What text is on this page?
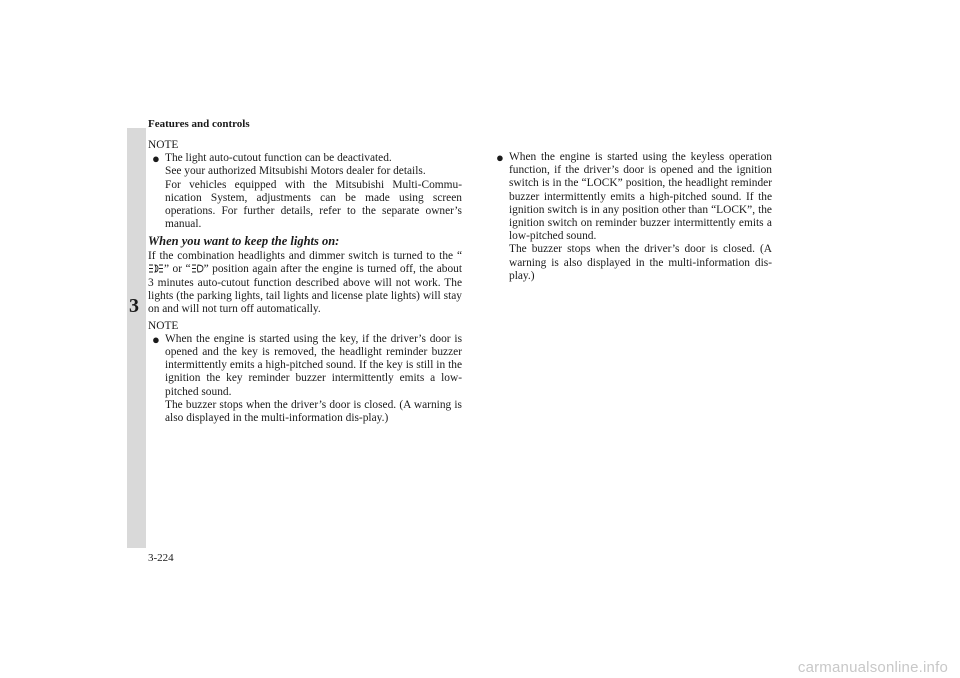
Features and controls
3
NOTE
● The light auto-cutout function can be deactivated.

See your authorized Mitsubishi Motors dealer for details.

For vehicles equipped with the Mitsubishi Multi-Commu-nication System, adjustments can be made using screen operations. For further details, refer to the separate owner’s manual.

When you want to keep the lights on:

If the combination headlights and dimmer switch is turned to the “” or “ ” position again after the engine is turned off, the about 3 minutes auto-cutout function described above will not work. The lights (the parking lights, tail lights and license plate lights) will stay on and will not turn off automatically.

NOTE
● When the engine is started using the key, if the driver’s door is opened and the key is removed, the headlight reminder buzzer intermittently emits a high-pitched sound. If the key is still in the ignition the key reminder buzzer intermittently emits a low-pitched sound.

The buzzer stops when the driver’s door is closed. (A warning is also displayed in the multi-information dis-play.)

● When the engine is started using the keyless operation function, if the driver’s door is opened and the ignition switch is in the “LOCK” position, the headlight reminder buzzer intermittently emits a high-pitched sound. If the ignition switch is in any position other than “LOCK”, the ignition switch on reminder buzzer intermittently emits a low-pitched sound.

The buzzer stops when the driver’s door is closed. (A warning is also displayed in the multi-information dis-play.)

3-224
carmanualsonline.info
